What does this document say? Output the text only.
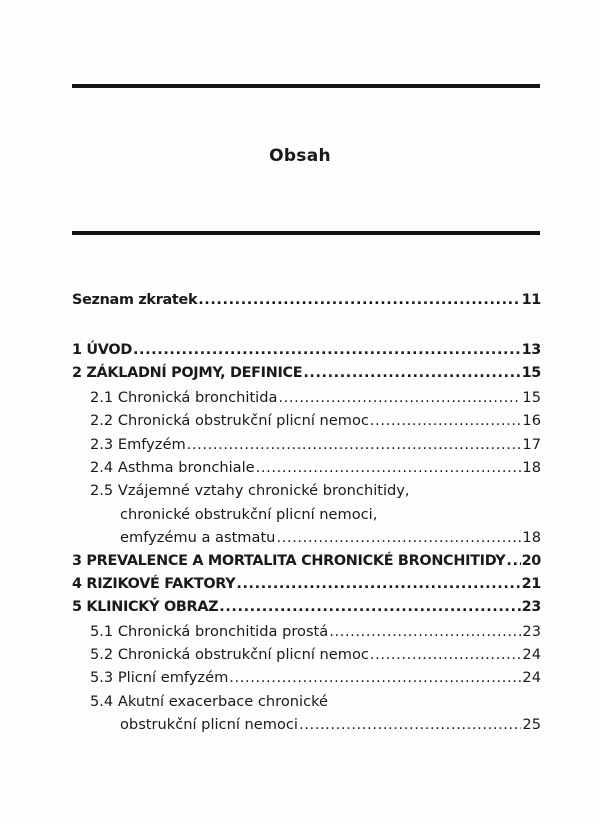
Obsah
Seznam zkratek .....	11
1 ÚVOD .....	13
2 ZÁKLADNÍ POJMY, DEFINICE .....	15
2.1 Chronická bronchitida .....	15
2.2 Chronická obstrukční plicní nemoc .....	16
2.3 Emfyzém .....	17
2.4 Asthma bronchiale .....	18
2.5 Vzájemné vztahy chronické bronchitidy,
chronické obstrukční plicní nemoci,
emfyzému a astmatu .....	18
3 PREVALENCE A MORTALITA CHRONICKÉ BRONCHITIDY ..... 20
4 RIZIKOVÉ FAKTORY .....	21
5 KLINICKÝ OBRAZ .....	23
5.1 Chronická bronchitida prostá .....	23
5.2 Chronická obstrukční plicní nemoc .....	24
5.3 Plicní emfyzém .....	24
5.4 Akutní exacerbace chronické
obstrukční plicní nemoci .....	25
